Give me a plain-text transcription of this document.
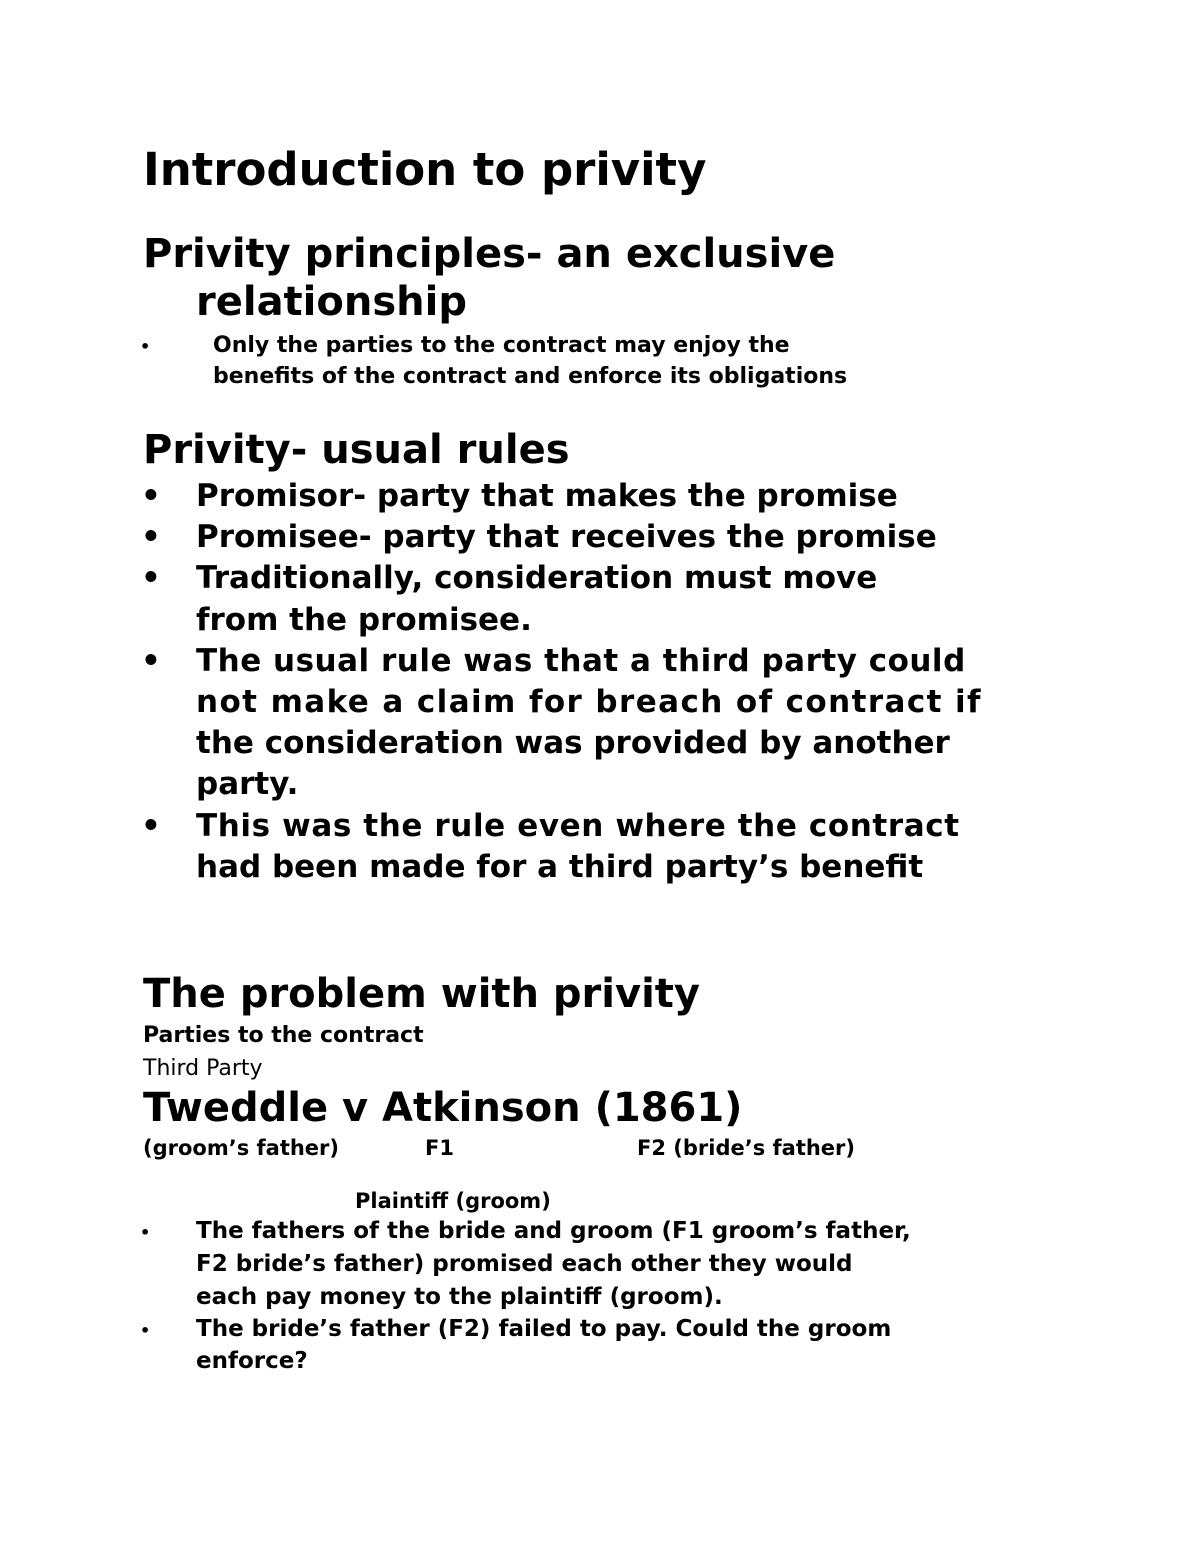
Introduction to privity

Privity principles- an exclusive

relationship

•	Only the parties to the contract may enjoy the

benefits of the contract and enforce its obligations

Privity- usual rules

• Promisor- party that makes the promise

• Promisee- party that receives the promise

• Traditionally, consideration must move

from the promisee.

• The usual rule was that a third party could

not make a claim for breach of contract if

the consideration was provided by another

party.

• This was the rule even where the contract

had been made for a third party’s benefit

The problem with privity

Parties to the contract

Third Party

Tweddle v Atkinson (1861)

(groom’s father)	F1	F2 (bride’s father)

Plaintiff (groom)

• The fathers of the bride and groom (F1 groom’s father,

F2 bride’s father) promised each other they would

each pay money to the plaintiff (groom).

• The bride’s father (F2) failed to pay. Could the groom

enforce?
